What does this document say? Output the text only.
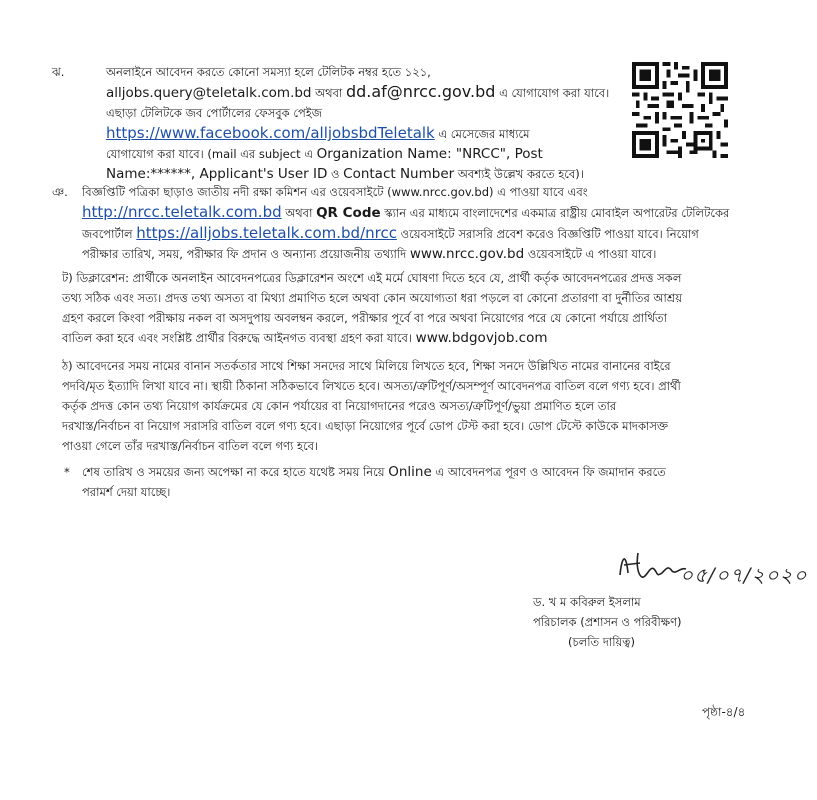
ঝ.	অনলাইনে আবেদন করতে কোনো সমস্যা হলে টেলিটক নম্বর হতে ১২১,
alljobs.query@teletalk.com.bd অথবা dd.af@nrcc.gov.bd এ যোগাযোগ করা যাবে।
এছাড়া টেলিটকে জব পোর্টালের ফেসবুক পেইজ
https://www.facebook.com/alljobsbdTeletalk এ মেসেজের মাধ্যমে
যোগাযোগ করা যাবে। (mail এর subject এ Organization Name: "NRCC", Post
Name:******, Applicant's User ID ও Contact Number অবশ্যই উল্লেখ করতে হবে)।
ঞ. বিজ্ঞপ্তিটি পত্রিকা ছাড়াও জাতীয় নদী রক্ষা কমিশন এর ওয়েবসাইটে (www.nrcc.gov.bd) এ পাওয়া যাবে এবং
http://nrcc.teletalk.com.bd অথবা QR Code স্ক্যান এর মাধ্যমে বাংলাদেশের একমাত্র রাষ্ট্রীয় মোবাইল অপারেটর টেলিটকের
জবপোর্টাল https://alljobs.teletalk.com.bd/nrcc ওয়েবসাইটে সরাসরি প্রবেশ করেও বিজ্ঞপ্তিটি পাওয়া যাবে। নিয়োগ
পরীক্ষার তারিখ, সময়, পরীক্ষার ফি প্রদান ও অন্যান্য প্রয়োজনীয় তথ্যাদি www.nrcc.gov.bd ওয়েবসাইটে এ পাওয়া যাবে।
ট) ডিক্লারেশন: প্রার্থীকে অনলাইন আবেদনপত্রের ডিক্লারেশন অংশে এই মর্মে ঘোষণা দিতে হবে যে, প্রার্থী কর্তৃক আবেদনপত্রের প্রদত্ত সকল
তথ্য সঠিক এবং সত্য। প্রদত্ত তথ্য অসত্য বা মিথ্যা প্রমাণিত হলে অথবা কোন অযোগ্যতা ধরা পড়লে বা কোনো প্রতারণা বা দুর্নীতির আশ্রয়
গ্রহণ করলে কিংবা পরীক্ষায় নকল বা অসদুপায় অবলম্বন করলে, পরীক্ষার পূর্বে বা পরে অথবা নিয়োগের পরে যে কোনো পর্যায়ে প্রার্থিতা
বাতিল করা হবে এবং সংশ্লিষ্ট প্রার্থীর বিরুদ্ধে আইনগত ব্যবস্থা গ্রহণ করা যাবে। www.bdgovjob.com
ঠ) আবেদনের সময় নামের বানান সতর্কতার সাথে শিক্ষা সনদের সাথে মিলিয়ে লিখতে হবে, শিক্ষা সনদে উল্লিখিত নামের বানানের বাইরে
পদবি/মৃত ইত্যাদি লিখা যাবে না। স্থায়ী ঠিকানা সঠিকভাবে লিখতে হবে। অসত্য/ত্রুটিপূর্ণ/অসম্পূর্ণ আবেদনপত্র বাতিল বলে গণ্য হবে। প্রার্থী
কর্তৃক প্রদত্ত কোন তথ্য নিয়োগ কার্যক্রমের যে কোন পর্যায়ের বা নিয়োগদানের পরেও অসত্য/ত্রুটিপূর্ণ/ভুয়া প্রমাণিত হলে তার
দরখাস্ত/নির্বাচন বা নিয়োগ সরাসরি বাতিল বলে গণ্য হবে। এছাড়া নিয়োগের পূর্বে ডোপ টেস্ট করা হবে। ডোপ টেস্টে কাউকে মাদকাসক্ত
পাওয়া গেলে তাঁর দরখাস্ত/নির্বাচন বাতিল বলে গণ্য হবে।
* শেষ তারিখ ও সময়ের জন্য অপেক্ষা না করে হাতে যথেষ্ট সময় নিয়ে Online এ আবেদনপত্র পূরণ ও আবেদন ফি জমাদান করতে
পরামর্শ দেয়া যাচ্ছে।
০৫/০৭/২০২০
ড. খ ম কবিরুল ইসলাম
পরিচালক (প্রশাসন ও পরিবীক্ষণ)
(চলতি দায়িত্ব)
পৃষ্ঠা-৪/৪
